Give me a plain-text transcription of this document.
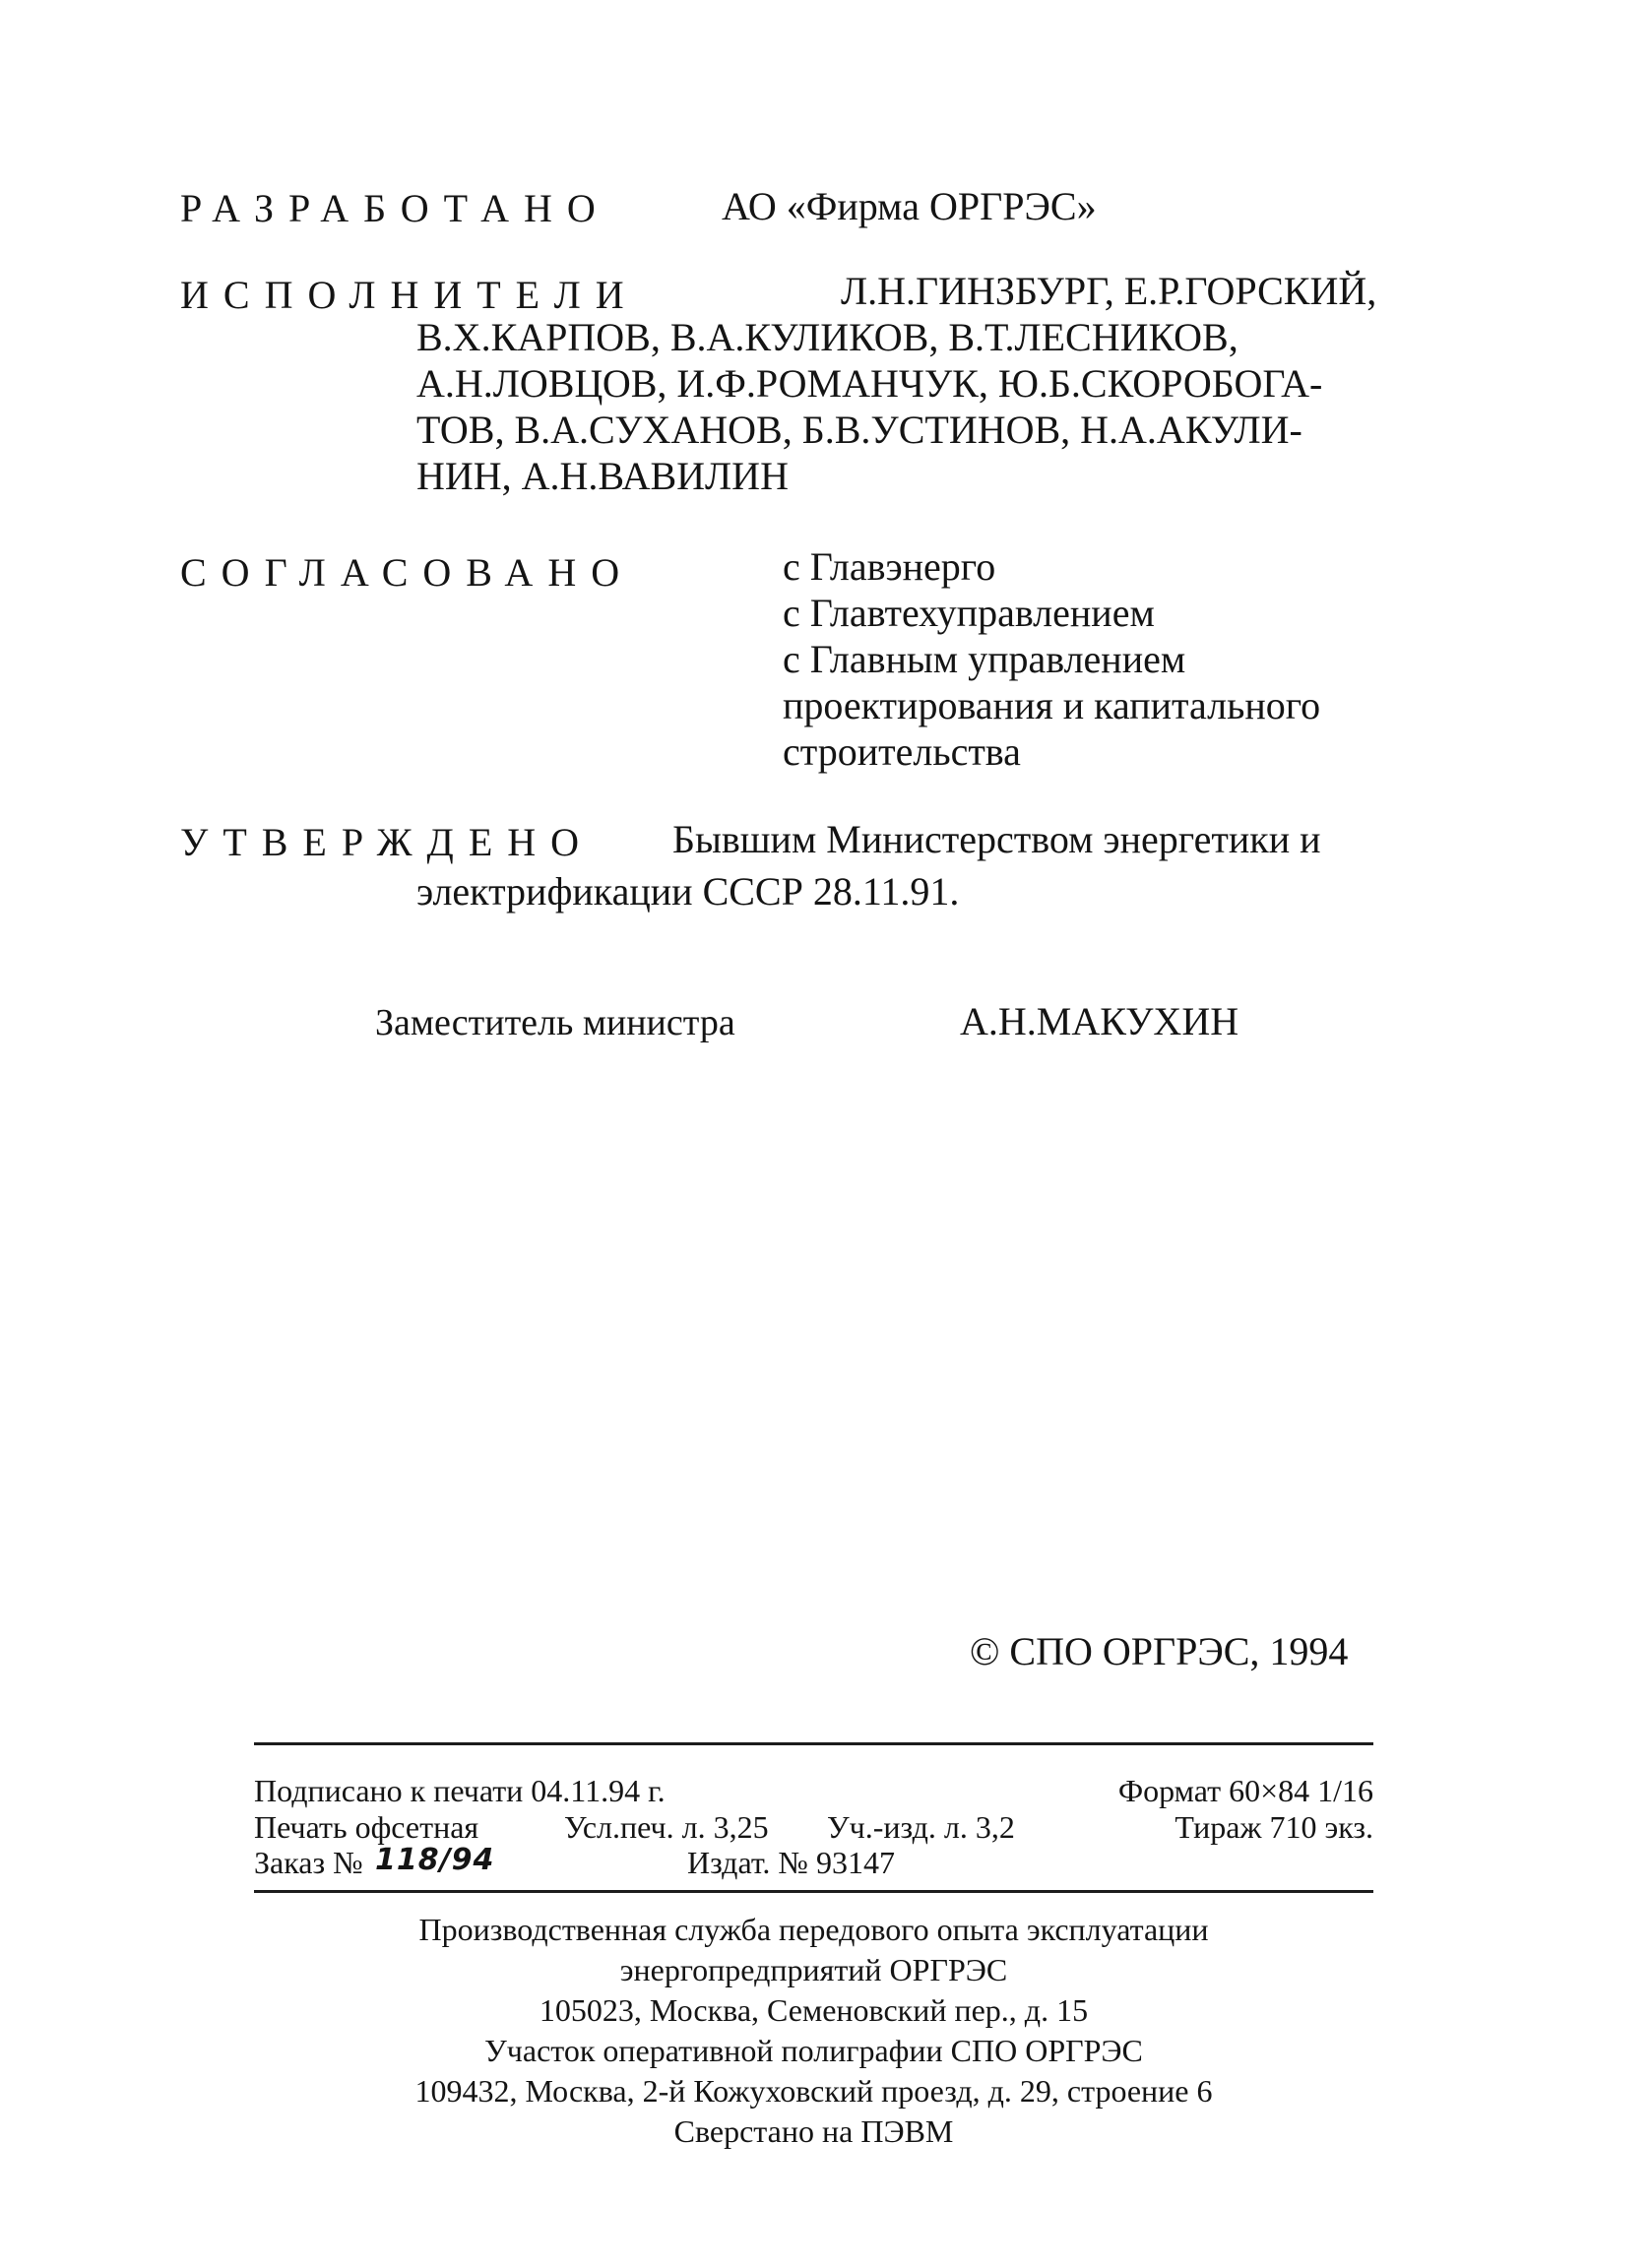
РАЗРАБОТАНО	АО «Фирма ОРГРЭС»
ИСПОЛНИТЕЛИ	Л.Н.ГИНЗБУРГ, Е.Р.ГОРСКИЙ,
В.Х.КАРПОВ, В.А.КУЛИКОВ, В.Т.ЛЕСНИКОВ,
А.Н.ЛОВЦОВ, И.Ф.РОМАНЧУК, Ю.Б.СКОРОБОГА-
ТОВ, В.А.СУХАНОВ, Б.В.УСТИНОВ, Н.А.АКУЛИ-
НИН, А.Н.ВАВИЛИН
СОГЛАСОВАНО	с Главэнерго
с Главтехуправлением
с Главным управлением
проектирования и капитального
строительства
УТВЕРЖДЕНО Бывшим Министерством энергетики и
электрификации СССР 28.11.91.
Заместитель министра	А.Н.МАКУХИН
© СПО ОРГРЭС, 1994
Подписано к печати 04.11.94 г.	Формат 60×84 1/16
Печать офсетная	Усл.печ. л. 3,25 Уч.-изд. л. 3,2	Тираж 710 экз.
Заказ № 118/94	Издат. № 93147
Производственная служба передового опыта эксплуатации
энергопредприятий ОРГРЭС
105023, Москва, Семеновский пер., д. 15
Участок оперативной полиграфии СПО ОРГРЭС
109432, Москва, 2-й Кожуховский проезд, д. 29, строение 6
Сверстано на ПЭВМ
